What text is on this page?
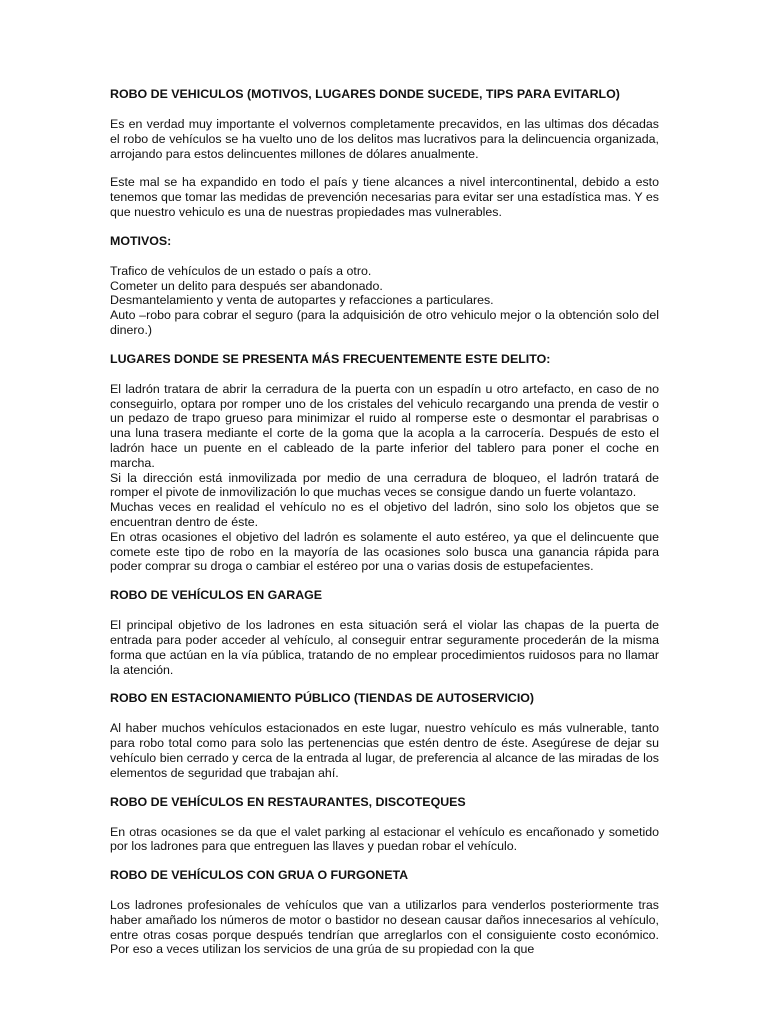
ROBO DE VEHICULOS (MOTIVOS, LUGARES DONDE SUCEDE, TIPS PARA EVITARLO)

Es en verdad muy importante el volvernos completamente precavidos, en las ultimas dos décadas el robo de vehículos se ha vuelto uno de los delitos mas lucrativos para la delincuencia organizada, arrojando para estos delincuentes millones de dólares anualmente.

Este mal se ha expandido en todo el país y tiene alcances a nivel intercontinental, debido a esto tenemos que tomar las medidas de prevención necesarias para evitar ser una estadística mas. Y es que nuestro vehiculo es una de nuestras propiedades mas vulnerables.

MOTIVOS:
Trafico de vehículos de un estado o país a otro.
Cometer un delito para después ser abandonado.
Desmantelamiento y venta de autopartes y refacciones a particulares.
Auto –robo para cobrar el seguro (para la adquisición de otro vehiculo mejor o la obtención solo del dinero.)
LUGARES DONDE SE PRESENTA MÁS FRECUENTEMENTE ESTE DELITO:
El ladrón tratara de abrir la cerradura de la puerta con un espadín u otro artefacto, en caso de no conseguirlo, optara por romper uno de los cristales del vehiculo recargando una prenda de vestir o un pedazo de trapo grueso para minimizar el ruido al romperse este o desmontar el parabrisas o una luna trasera mediante el corte de la goma que la acopla a la carrocería. Después de esto el ladrón hace un puente en el cableado de la parte inferior del tablero para poner el coche en marcha.
Si la dirección está inmovilizada por medio de una cerradura de bloqueo, el ladrón tratará de romper el pivote de inmovilización lo que muchas veces se consigue dando un fuerte volantazo.
Muchas veces en realidad el vehículo no es el objetivo del ladrón, sino solo los objetos que se encuentran dentro de éste.
En otras ocasiones el objetivo del ladrón es solamente el auto estéreo, ya que el delincuente que comete este tipo de robo en la mayoría de las ocasiones solo busca una ganancia rápida para poder comprar su droga o cambiar el estéreo por una o varias dosis de estupefacientes.
ROBO DE VEHÍCULOS EN GARAGE

El principal objetivo de los ladrones en esta situación será el violar las chapas de la puerta de entrada para poder acceder al vehículo, al conseguir entrar seguramente procederán de la misma forma que actúan en la vía pública, tratando de no emplear procedimientos ruidosos para no llamar la atención.

ROBO EN ESTACIONAMIENTO PÚBLICO (TIENDAS DE AUTOSERVICIO)

Al haber muchos vehículos estacionados en este lugar, nuestro vehículo es más vulnerable, tanto para robo total como para solo las pertenencias que estén dentro de éste. Asegúrese de dejar su vehículo bien cerrado y cerca de la entrada al lugar, de preferencia al alcance de las miradas de los elementos de seguridad que trabajan ahí.

ROBO DE VEHÍCULOS EN RESTAURANTES, DISCOTEQUES

En otras ocasiones se da que el valet parking al estacionar el vehículo es encañonado y sometido por los ladrones para que entreguen las llaves y puedan robar el vehículo.

ROBO DE VEHÍCULOS CON GRUA O FURGONETA

Los ladrones profesionales de vehículos que van a utilizarlos para venderlos posteriormente tras haber amañado los números de motor o bastidor no desean causar daños innecesarios al vehículo, entre otras cosas porque después tendrían que arreglarlos con el consiguiente costo económico. Por eso a veces utilizan los servicios de una grúa de su propiedad con la que
